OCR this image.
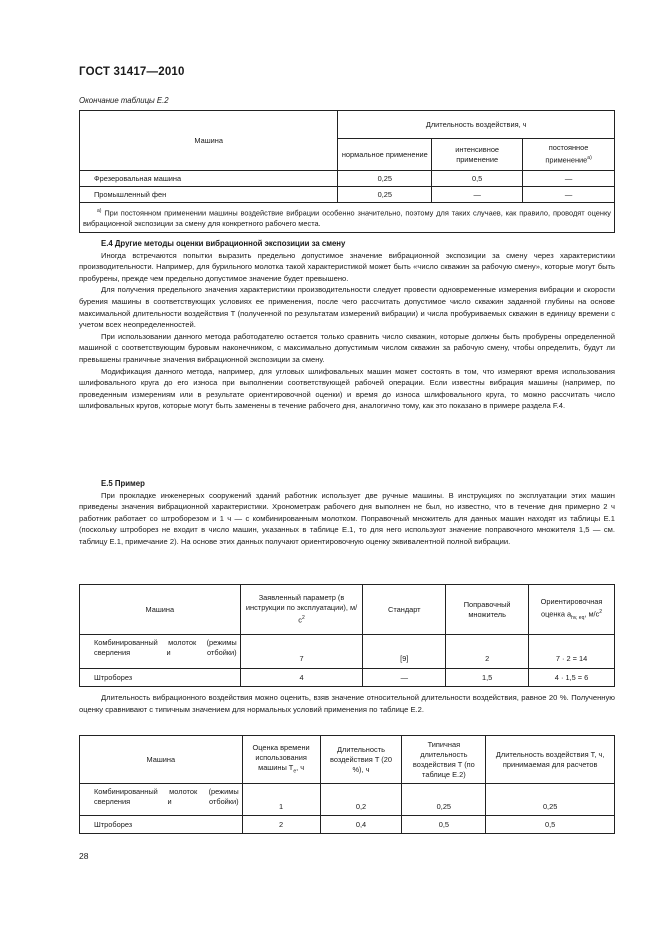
ГОСТ 31417—2010
Окончание таблицы Е.2
Машина	Длительность воздействия, ч		
	нормальное применение	интенсивное применение	постоянное применение$^{а)}$
Фрезеровальная машина	0,25	0,5	—
Промышленный фен	0,25	—	—
$^{а)}$ При постоянном применении машины воздействие вибрации особенно значительно, поэтому для таких случаев, как правило, проводят оценку вибрационной экспозиции за смену для конкретного рабочего места.			

Е.4 Другие методы оценки вибрационной экспозиции за смену

Иногда встречаются попытки выразить предельно допустимое значение вибрационной экспозиции за смену через характеристики производительности. Например, для бурильного молотка такой характеристикой может быть «число скважин за рабочую смену», которые могут быть пробурены, прежде чем предельно допустимое значение будет превышено.

Для получения предельного значения характеристики производительности следует провести одновременные измерения вибрации и скорости бурения машины в соответствующих условиях ее применения, после чего рассчитать допустимое число скважин заданной глубины на основе максимальной длительности воздействия T (полученной по результатам измерений вибрации) и числа пробуриваемых скважин в единицу времени с учетом всех неопределенностей.

При использовании данного метода работодателю остается только сравнить число скважин, которые должны быть пробурены определенной машиной с соответствующим буровым наконечником, с максимально допустимым числом скважин за рабочую смену, чтобы определить, будут ли превышены граничные значения вибрационной экспозиции за смену.

Модификация данного метода, например, для угловых шлифовальных машин может состоять в том, что измеряют время использования шлифовального круга до его износа при выполнении соответствующей рабочей операции. Если известны вибрация машины (например, по проведенным измерениям или в результате ориентировочной оценки) и время до износа шлифовального круга, то можно рассчитать число шлифовальных кругов, которые могут быть заменены в течение рабочего дня, аналогично тому, как это показано в примере раздела F.4.

Е.5 Пример

При прокладке инженерных сооружений зданий работник использует две ручные машины. В инструкциях по эксплуатации этих машин приведены значения вибрационной характеристики. Хронометраж рабочего дня выполнен не был, но известно, что в течение дня примерно 2 ч работник работает со штроборезом и 1 ч — с комбинированным молотком. Поправочный множитель для данных машин находят из таблицы Е.1 (поскольку штроборез не входит в число машин, указанных в таблице Е.1, то для него используют значение поправочного множителя 1,5 — см. таблицу Е.1, примечание 2). На основе этих данных получают ориентировочную оценку эквивалентной полной вибрации.

Машина	Заявленный параметр (в инструкции по эксплуатации), $м/с^2$	Стандарт	Поправочный множитель	Ориентировочная оценка $a_{hv, eq}$, $м/с^2$
Комбинированный молоток (режимы сверления и отбойки)	7	[9]	2	7 · 2 = 14
Штроборез	4	—	1,5	4 · 1,5 = 6

Длительность вибрационного воздействия можно оценить, взяв значение относительной длительности воздействия, равное 20 %. Полученную оценку сравнивают с типичным значением для нормальных условий применения по таблице Е.2.

Машина	Оценка времени использования машины $T_e$, ч	Длительность воздействия T (20 %), ч	Типичная длительность воздействия T (по таблице Е.2)	Длительность воздействия T, ч, принимаемая для расчетов
Комбинированный молоток (режимы сверления и отбойки)	1	0,2	0,25	0,25
Штроборез	2	0,4	0,5	0,5
28
